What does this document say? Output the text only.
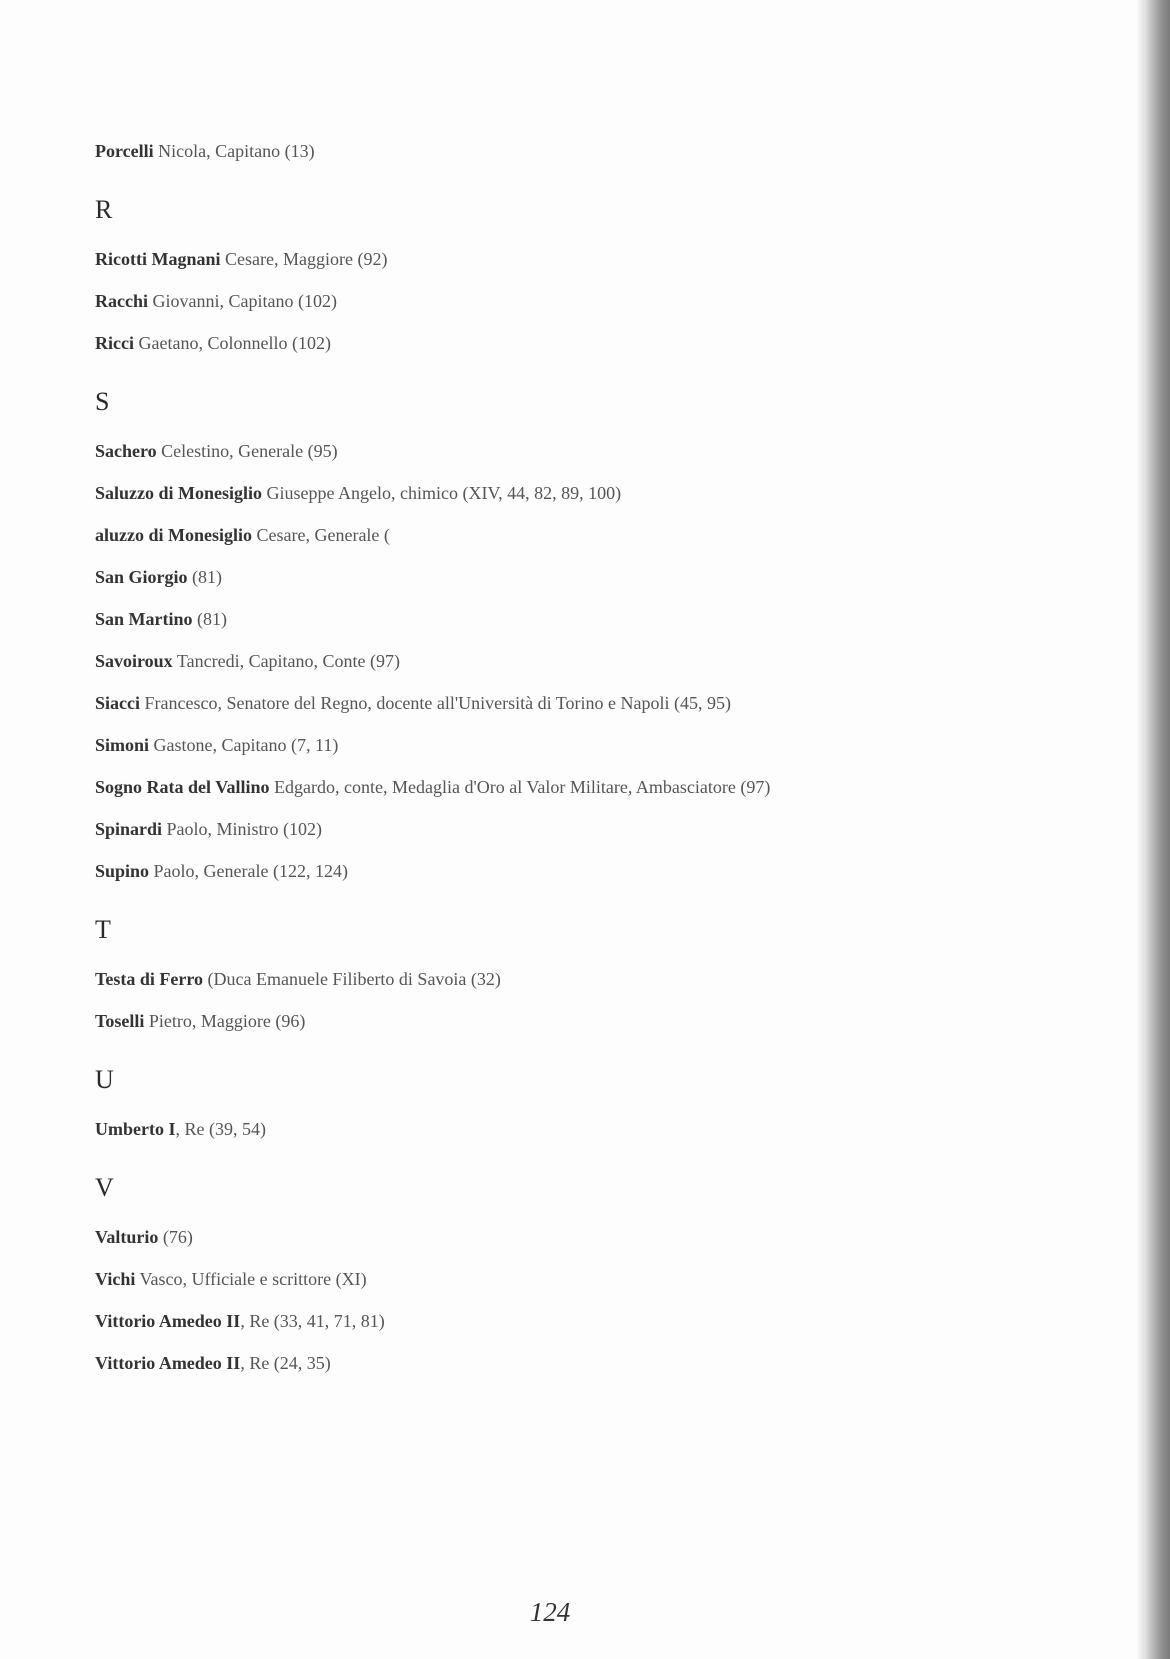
Porcelli Nicola, Capitano (13)
R
Ricotti Magnani Cesare, Maggiore (92)
Racchi Giovanni, Capitano (102)
Ricci Gaetano, Colonnello (102)
S
Sachero Celestino, Generale (95)
Saluzzo di Monesiglio Giuseppe Angelo, chimico (XIV, 44, 82, 89, 100)
aluzzo di Monesiglio Cesare, Generale (
San Giorgio (81)
San Martino (81)
Savoiroux Tancredi, Capitano, Conte (97)
Siacci Francesco, Senatore del Regno, docente all'Università di Torino e Napoli (45, 95)
Simoni Gastone, Capitano (7, 11)
Sogno Rata del Vallino Edgardo, conte, Medaglia d'Oro al Valor Militare, Ambasciatore (97)
Spinardi Paolo, Ministro (102)
Supino Paolo, Generale (122, 124)
T
Testa di Ferro (Duca Emanuele Filiberto di Savoia (32)
Toselli Pietro, Maggiore (96)
U
Umberto I, Re (39, 54)
V
Valturio (76)
Vichi Vasco, Ufficiale e scrittore (XI)
Vittorio Amedeo II, Re (33, 41, 71, 81)
Vittorio Amedeo II, Re (24, 35)
124
